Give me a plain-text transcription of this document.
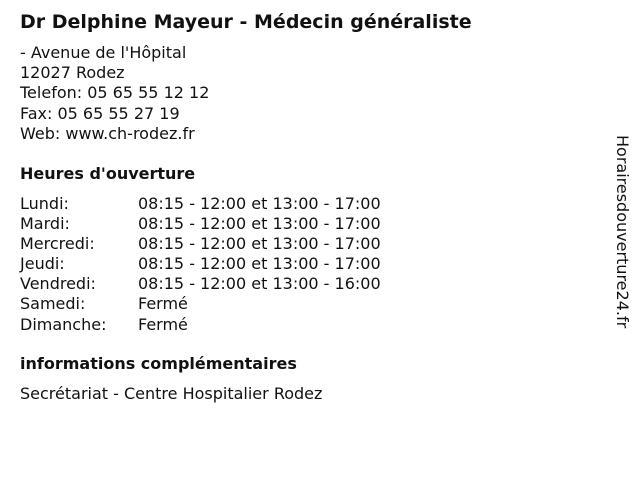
Dr Delphine Mayeur - Médecin généraliste
- Avenue de l'Hôpital
12027 Rodez
Telefon: 05 65 55 12 12
Fax: 05 65 55 27 19
Web: www.ch-rodez.fr
Heures d'ouverture
Lundi:	08:15 - 12:00 et 13:00 - 17:00
Mardi:	08:15 - 12:00 et 13:00 - 17:00
Mercredi:	08:15 - 12:00 et 13:00 - 17:00
Jeudi:	08:15 - 12:00 et 13:00 - 17:00
Vendredi:	08:15 - 12:00 et 13:00 - 16:00
Samedi:	Fermé
Dimanche:	Fermé
informations complémentaires
Secrétariat - Centre Hospitalier Rodez
Horairesdouverture24.fr
